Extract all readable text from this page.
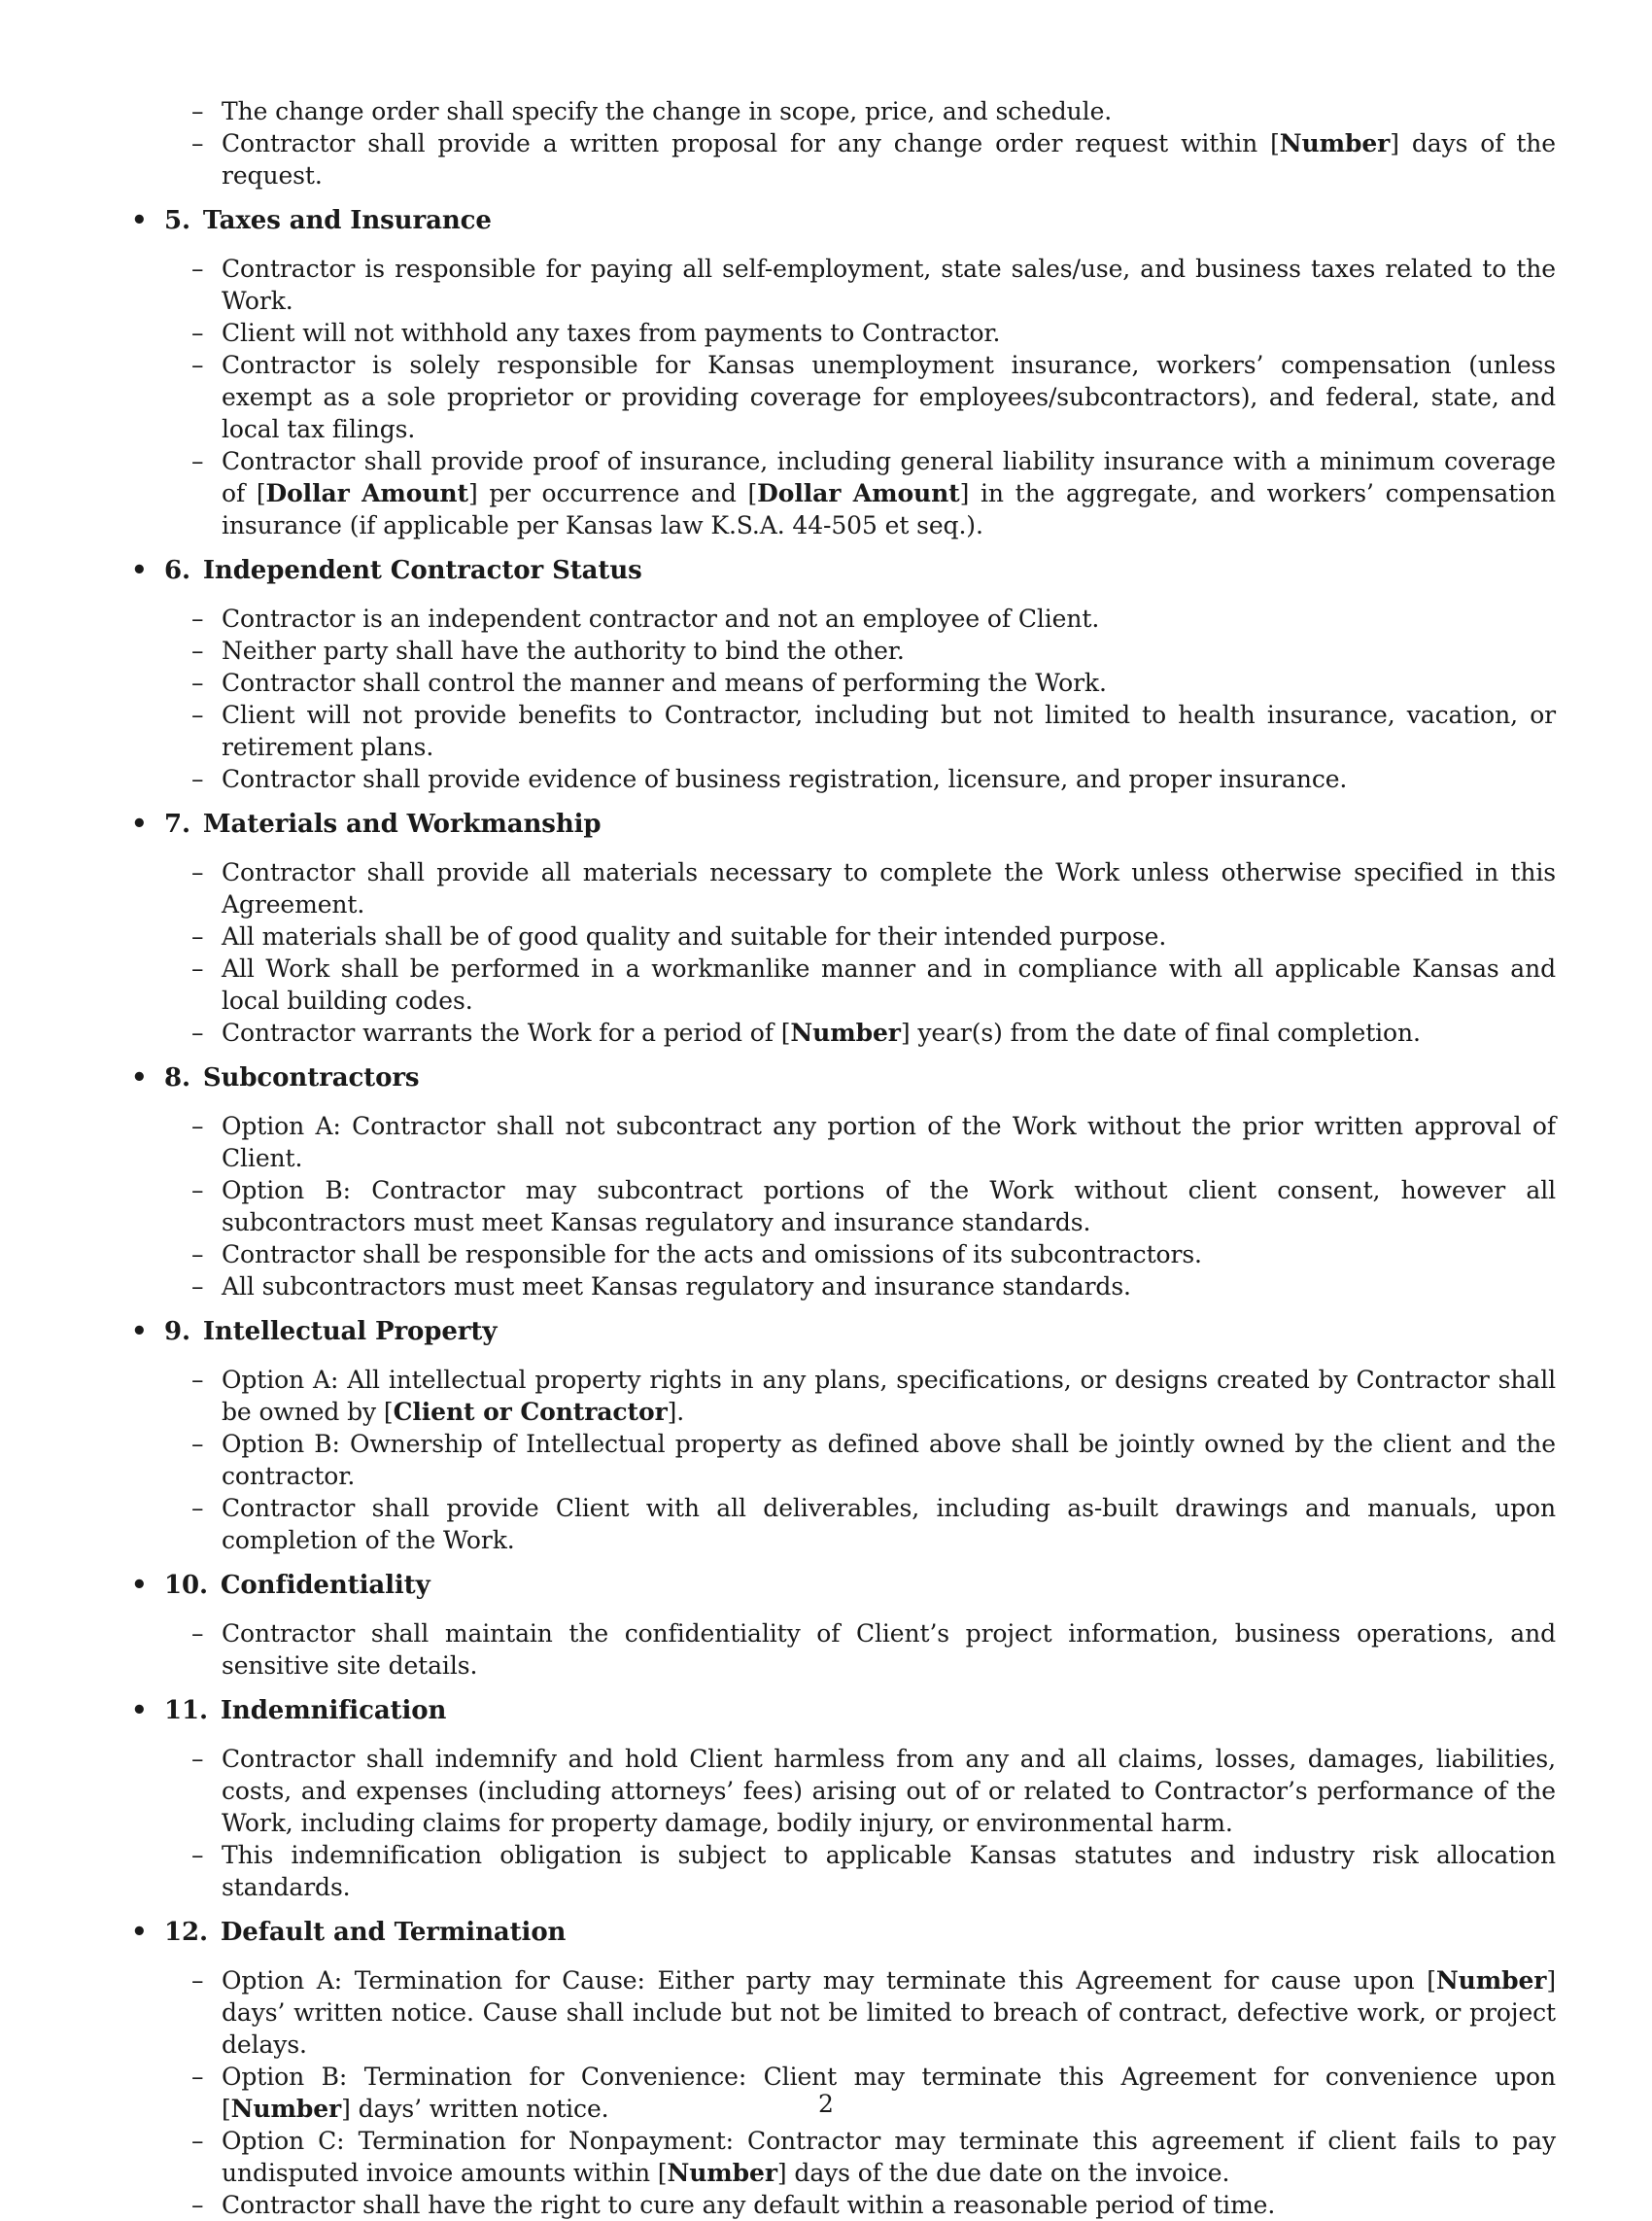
– The change order shall specify the change in scope, price, and schedule.
– Contractor shall provide a written proposal for any change order request within [Number] days of the request.
• 5.  Taxes and Insurance
– Contractor is responsible for paying all self-employment, state sales/use, and business taxes related to the Work.
– Client will not withhold any taxes from payments to Contractor.
– Contractor is solely responsible for Kansas unemployment insurance, workers’ compensation (unless exempt as a sole proprietor or providing coverage for employees/subcontractors), and federal, state, and local tax filings.
– Contractor shall provide proof of insurance, including general liability insurance with a minimum coverage of [Dollar Amount] per occurrence and [Dollar Amount] in the aggregate, and workers’ compensation insurance (if applicable per Kansas law K.S.A. 44-505 et seq.).
• 6.  Independent Contractor Status
– Contractor is an independent contractor and not an employee of Client.
– Neither party shall have the authority to bind the other.
– Contractor shall control the manner and means of performing the Work.
– Client will not provide benefits to Contractor, including but not limited to health insurance, vacation, or retirement plans.
– Contractor shall provide evidence of business registration, licensure, and proper insurance.
• 7.  Materials and Workmanship
– Contractor shall provide all materials necessary to complete the Work unless otherwise specified in this Agreement.
– All materials shall be of good quality and suitable for their intended purpose.
– All Work shall be performed in a workmanlike manner and in compliance with all applicable Kansas and local building codes.
– Contractor warrants the Work for a period of [Number] year(s) from the date of final completion.
• 8.  Subcontractors
– Option A: Contractor shall not subcontract any portion of the Work without the prior written approval of Client.
– Option B: Contractor may subcontract portions of the Work without client consent, however all subcontractors must meet Kansas regulatory and insurance standards.
– Contractor shall be responsible for the acts and omissions of its subcontractors.
– All subcontractors must meet Kansas regulatory and insurance standards.
• 9.  Intellectual Property
– Option A: All intellectual property rights in any plans, specifications, or designs created by Contractor shall be owned by [Client or Contractor].
– Option B: Ownership of Intellectual property as defined above shall be jointly owned by the client and the contractor.
– Contractor shall provide Client with all deliverables, including as-built drawings and manuals, upon completion of the Work.
• 10.  Confidentiality
– Contractor shall maintain the confidentiality of Client’s project information, business operations, and sensitive site details.
• 11.  Indemnification
– Contractor shall indemnify and hold Client harmless from any and all claims, losses, damages, liabilities, costs, and expenses (including attorneys’ fees) arising out of or related to Contractor’s performance of the Work, including claims for property damage, bodily injury, or environmental harm.
– This indemnification obligation is subject to applicable Kansas statutes and industry risk allocation standards.
• 12.  Default and Termination
– Option A: Termination for Cause: Either party may terminate this Agreement for cause upon [Number] days’ written notice. Cause shall include but not be limited to breach of contract, defective work, or project delays.
– Option B: Termination for Convenience: Client may terminate this Agreement for convenience upon [Number] days’ written notice.
– Option C: Termination for Nonpayment: Contractor may terminate this agreement if client fails to pay undisputed invoice amounts within [Number] days of the due date on the invoice.
– Contractor shall have the right to cure any default within a reasonable period of time.
2
